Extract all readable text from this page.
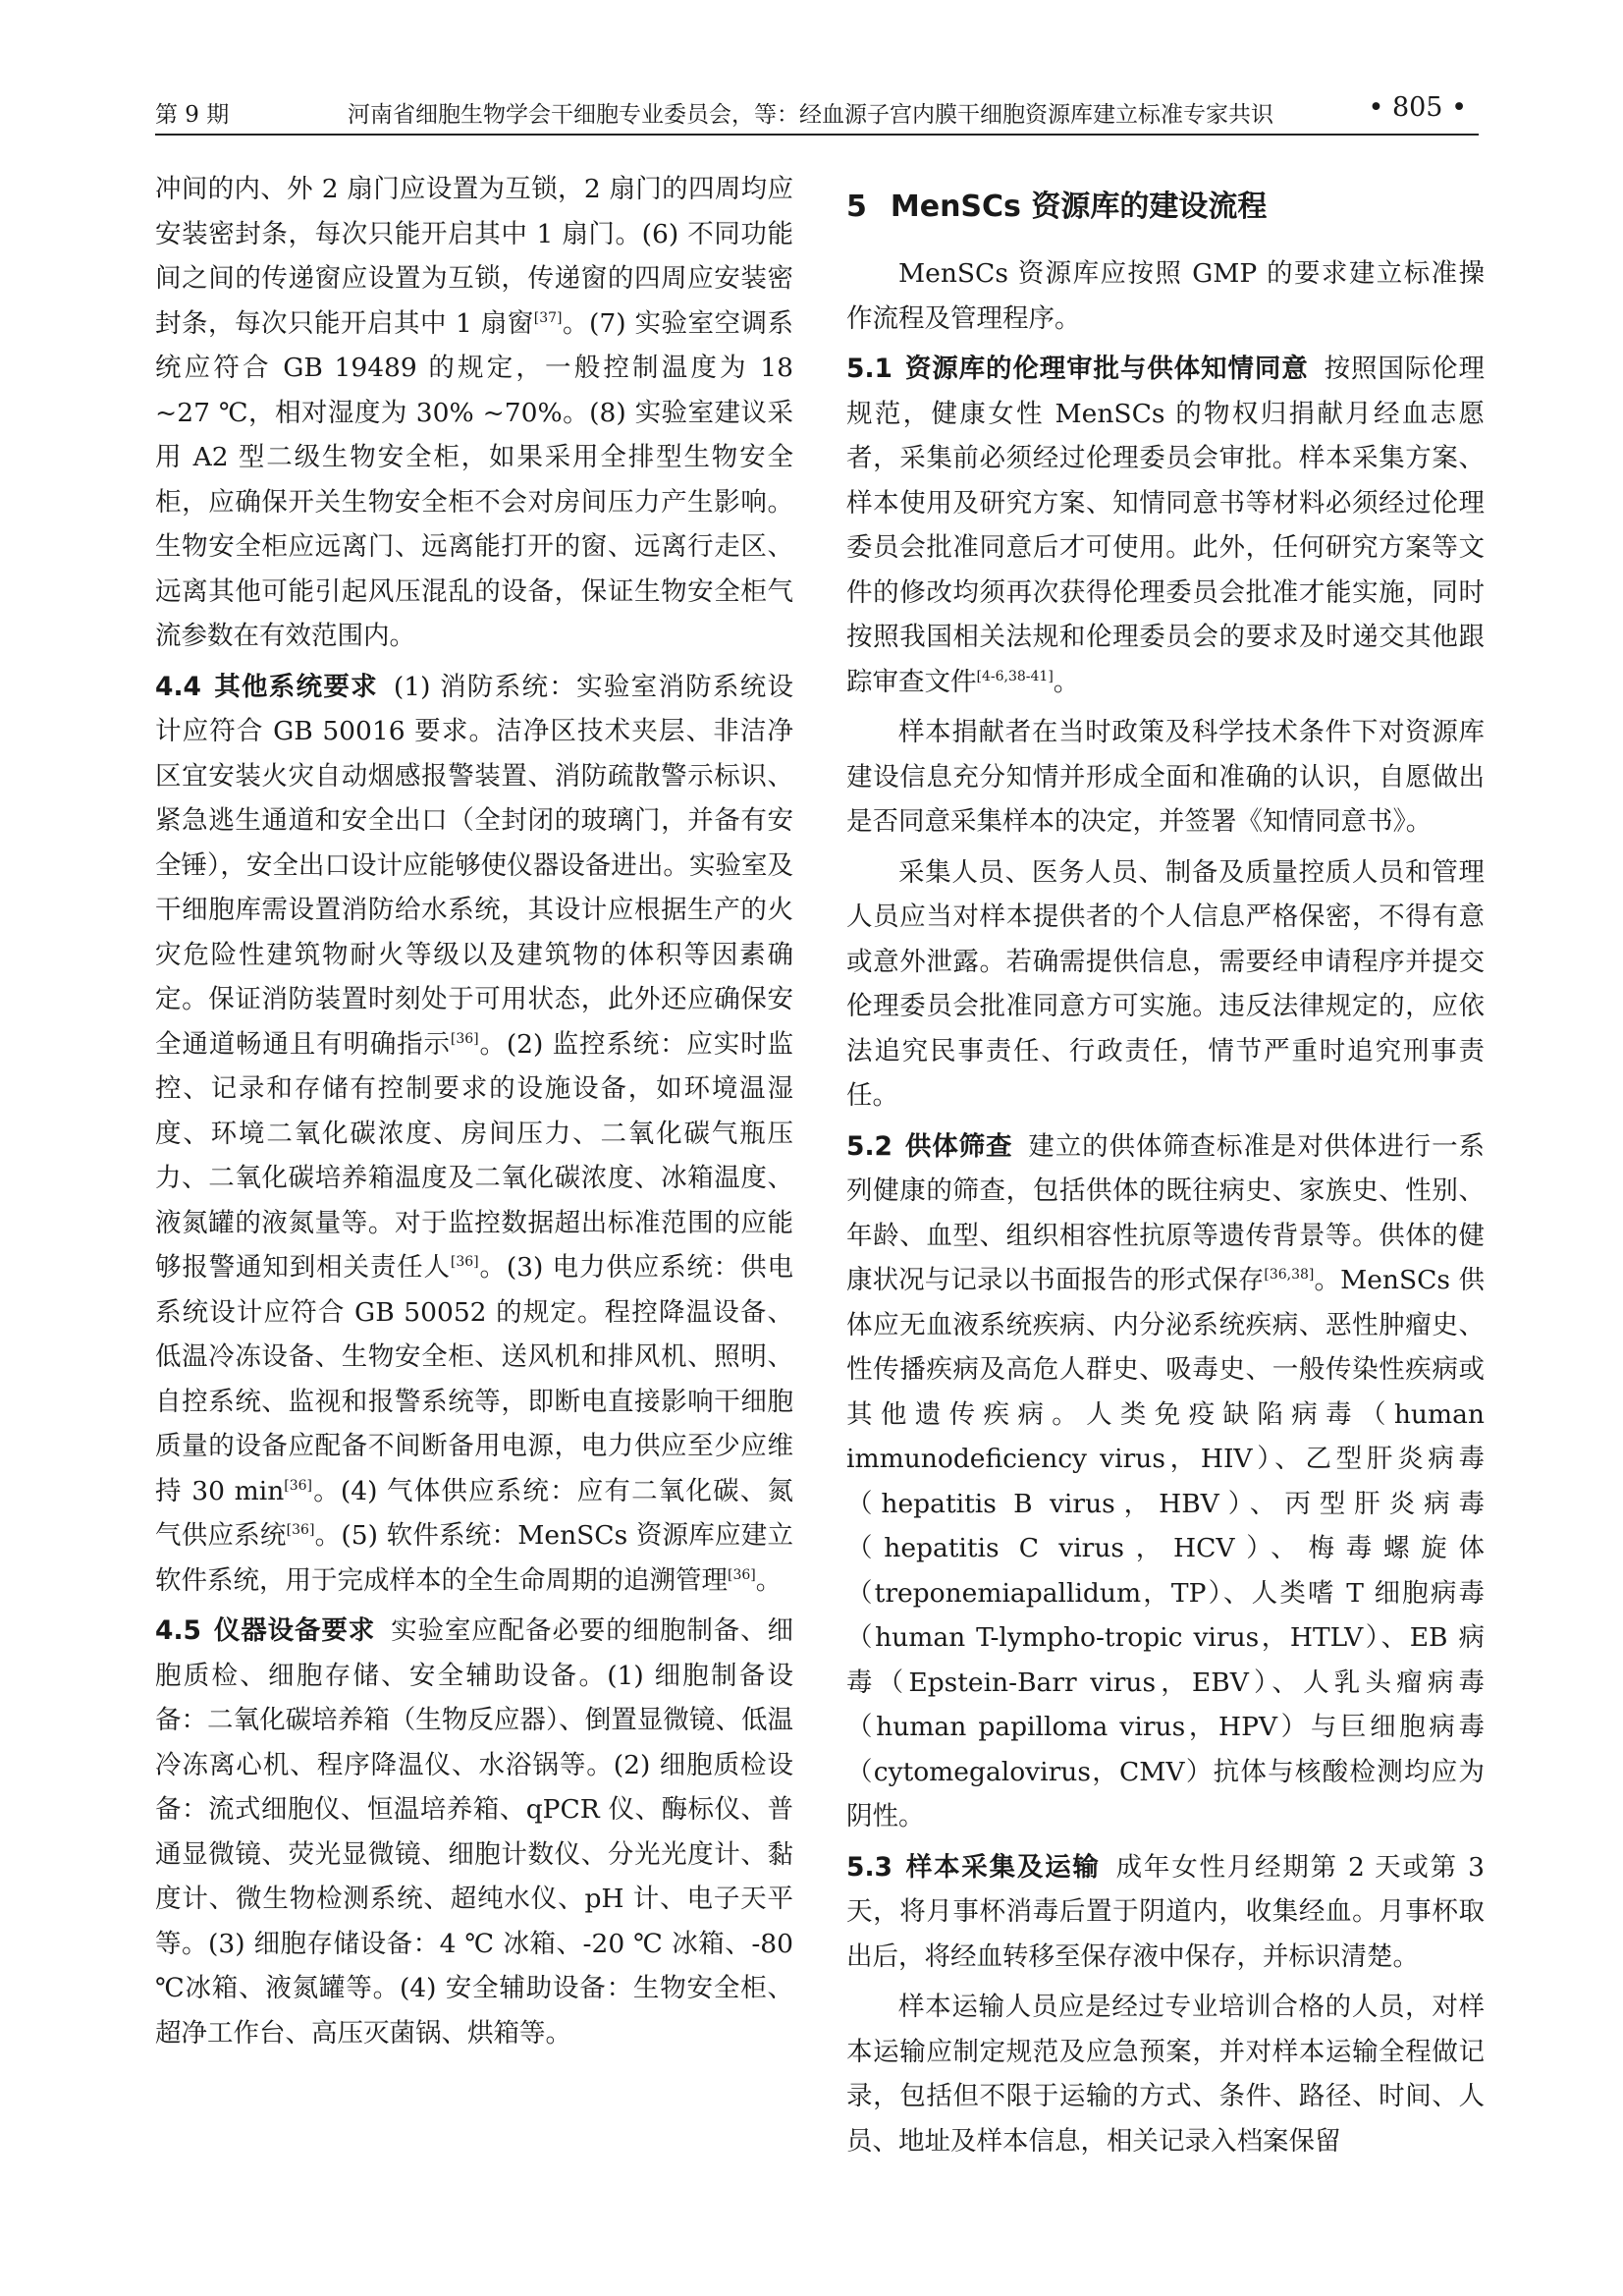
第 9 期	河南省细胞生物学会干细胞专业委员会，等：经血源子宫内膜干细胞资源库建立标准专家共识	• 805 •

冲间的内、外 2 扇门应设置为互锁，2 扇门的四周均应安装密封条，每次只能开启其中 1 扇门。(6) 不同功能间之间的传递窗应设置为互锁，传递窗的四周应安装密封条，每次只能开启其中 1 扇窗[37]。(7) 实验室空调系统应符合 GB 19489 的规定，一般控制温度为 18 ~27 ℃，相对湿度为 30% ~70%。(8) 实验室建议采用 A2 型二级生物安全柜，如果采用全排型生物安全柜，应确保开关生物安全柜不会对房间压力产生影响。生物安全柜应远离门、远离能打开的窗、远离行走区、远离其他可能引起风压混乱的设备，保证生物安全柜气流参数在有效范围内。

4.4 其他系统要求 (1) 消防系统：实验室消防系统设计应符合 GB 50016 要求。洁净区技术夹层、非洁净区宜安装火灾自动烟感报警装置、消防疏散警示标识、紧急逃生通道和安全出口（全封闭的玻璃门，并备有安全锤），安全出口设计应能够使仪器设备进出。实验室及干细胞库需设置消防给水系统，其设计应根据生产的火灾危险性建筑物耐火等级以及建筑物的体积等因素确定。保证消防装置时刻处于可用状态，此外还应确保安全通道畅通且有明确指示[36]。(2) 监控系统：应实时监控、记录和存储有控制要求的设施设备，如环境温湿度、环境二氧化碳浓度、房间压力、二氧化碳气瓶压力、二氧化碳培养箱温度及二氧化碳浓度、冰箱温度、液氮罐的液氮量等。对于监控数据超出标准范围的应能够报警通知到相关责任人[36]。(3) 电力供应系统：供电系统设计应符合 GB 50052 的规定。程控降温设备、低温冷冻设备、生物安全柜、送风机和排风机、照明、自控系统、监视和报警系统等，即断电直接影响干细胞质量的设备应配备不间断备用电源，电力供应至少应维持 30 min[36]。(4) 气体供应系统：应有二氧化碳、氮气供应系统[36]。(5) 软件系统：MenSCs 资源库应建立软件系统，用于完成样本的全生命周期的追溯管理[36]。

4.5 仪器设备要求 实验室应配备必要的细胞制备、细胞质检、细胞存储、安全辅助设备。(1) 细胞制备设备：二氧化碳培养箱（生物反应器）、倒置显微镜、低温冷冻离心机、程序降温仪、水浴锅等。(2) 细胞质检设备：流式细胞仪、恒温培养箱、qPCR 仪、酶标仪、普通显微镜、荧光显微镜、细胞计数仪、分光光度计、黏度计、微生物检测系统、超纯水仪、pH 计、电子天平等。(3) 细胞存储设备：4 ℃ 冰箱、-20 ℃ 冰箱、-80 ℃冰箱、液氮罐等。(4) 安全辅助设备：生物安全柜、超净工作台、高压灭菌锅、烘箱等。

5 MenSCs 资源库的建设流程

MenSCs 资源库应按照 GMP 的要求建立标准操作流程及管理程序。

5.1 资源库的伦理审批与供体知情同意 按照国际伦理规范，健康女性 MenSCs 的物权归捐献月经血志愿者，采集前必须经过伦理委员会审批。样本采集方案、样本使用及研究方案、知情同意书等材料必须经过伦理委员会批准同意后才可使用。此外，任何研究方案等文件的修改均须再次获得伦理委员会批准才能实施，同时按照我国相关法规和伦理委员会的要求及时递交其他跟踪审查文件[4-6,38-41]。

样本捐献者在当时政策及科学技术条件下对资源库建设信息充分知情并形成全面和准确的认识，自愿做出是否同意采集样本的决定，并签署《知情同意书》。

采集人员、医务人员、制备及质量控质人员和管理人员应当对样本提供者的个人信息严格保密，不得有意或意外泄露。若确需提供信息，需要经申请程序并提交伦理委员会批准同意方可实施。违反法律规定的，应依法追究民事责任、行政责任，情节严重时追究刑事责任。

5.2 供体筛查 建立的供体筛查标准是对供体进行一系列健康的筛查，包括供体的既往病史、家族史、性别、年龄、血型、组织相容性抗原等遗传背景等。供体的健康状况与记录以书面报告的形式保存[36,38]。MenSCs 供体应无血液系统疾病、内分泌系统疾病、恶性肿瘤史、性传播疾病及高危人群史、吸毒史、一般传染性疾病或其他遗传疾病。人类免疫缺陷病毒（human immunodeficiency virus，HIV）、乙型肝炎病毒（hepatitis B virus，HBV）、丙型肝炎病毒（hepatitis C virus，HCV）、梅毒螺旋体（treponemiapallidum，TP）、人类嗜 T 细胞病毒（human T-lympho-tropic virus，HTLV）、EB 病毒（Epstein-Barr virus，EBV）、人乳头瘤病毒（human papilloma virus，HPV）与巨细胞病毒（cytomegalovirus，CMV）抗体与核酸检测均应为阴性。

5.3 样本采集及运输 成年女性月经期第 2 天或第 3 天，将月事杯消毒后置于阴道内，收集经血。月事杯取出后，将经血转移至保存液中保存，并标识清楚。

样本运输人员应是经过专业培训合格的人员，对样本运输应制定规范及应急预案，并对样本运输全程做记录，包括但不限于运输的方式、条件、路径、时间、人员、地址及样本信息，相关记录入档案保留
